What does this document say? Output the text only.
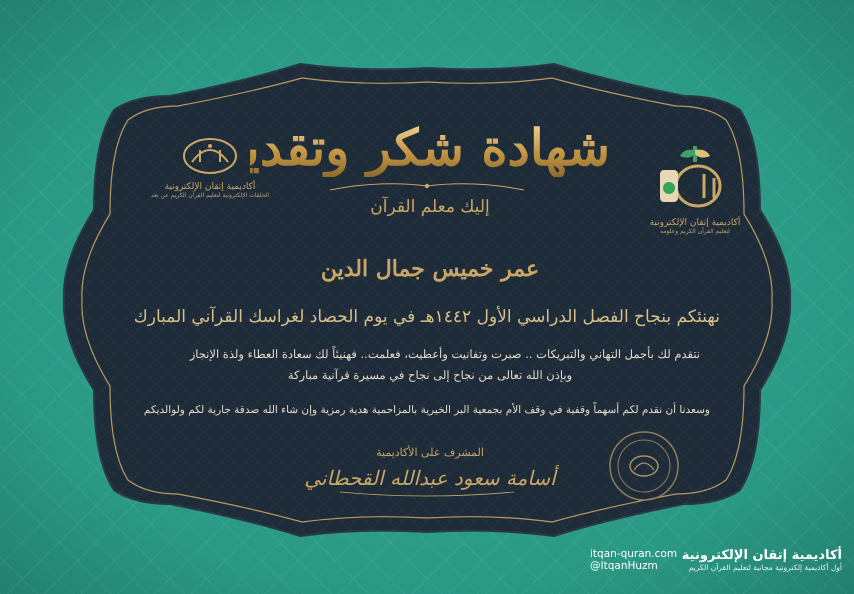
أكاديمية إتقان الإلكترونية
الحلقات الإلكترونية لتعليم القرآن الكريم عن بعد
أكاديمية إتقان الإلكترونية
لتعليم القرآن الكريم وعلومه
شهادة شكر وتقدير
إليك معلم القرآن
عمر خميس جمال الدين
نهنئكم بنجاح الفصل الدراسي الأول ١٤٤٢هـ في يوم الحصاد لغراسك القرآني المبارك
نتقدم لك بأجمل التهاني والتبريكات .. صبرت وتفانيت وأعطيت، فعلمت.. فهنيئاً لك سعادة العطاء ولذة الإنجاز
وبإذن الله تعالى من نجاح إلى نجاح في مسيرة قرآنية مباركة
وسعدنا أن نقدم لكم أسهماً وقفية في وقف الأم بجمعية البر الخيرية بالمزاحمية هدية رمزية وإن شاء الله صدقة جارية لكم ولوالديكم
المشرف على الأكاديمية
أسامة سعود عبدالله القحطاني
itqan-quran.com
@ItqanHuzm
أكاديمية إتقان الإلكترونية
أول أكاديمية إلكترونية مجانية لتعليم القرآن الكريم
